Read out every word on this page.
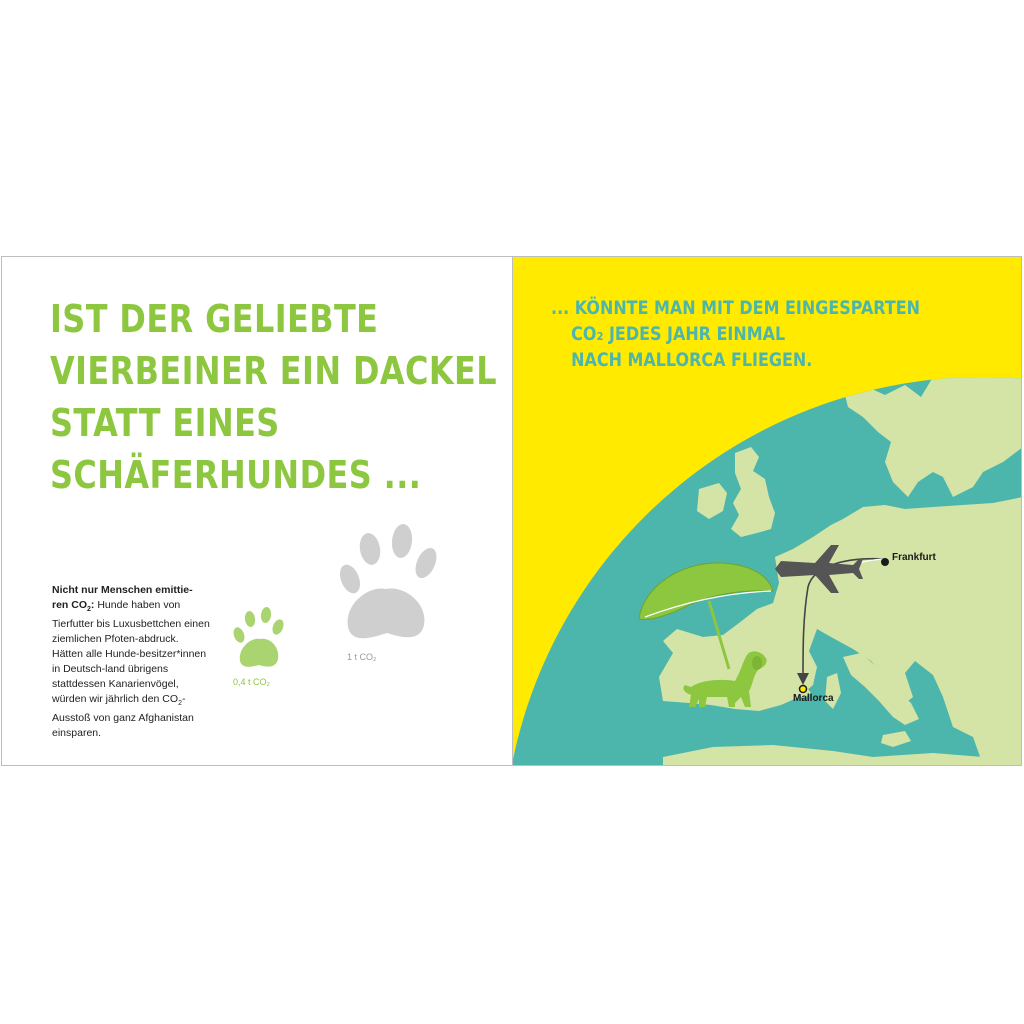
IST DER GELIEBTE
VIERBEINER EIN DACKEL
STATT EINES
SCHÄFERHUNDES ...

Nicht nur Menschen emittie-
ren $CO_2$: Hunde haben von Tierfutter bis Luxusbettchen einen ziemlichen Pfoten-abdruck. Hätten alle Hunde-besitzer*innen in Deutsch-land übrigens stattdessen Kanarienvögel, würden wir jährlich den $CO_2$-Ausstoß von ganz Afghanistan einsparen.

0,4 t CO₂
1 t CO₂
... KÖNNTE MAN MIT DEM EINGESPARTEN
CO₂ JEDES JAHR EINMAL
NACH MALLORCA FLIEGEN.
Frankfurt
Mallorca
